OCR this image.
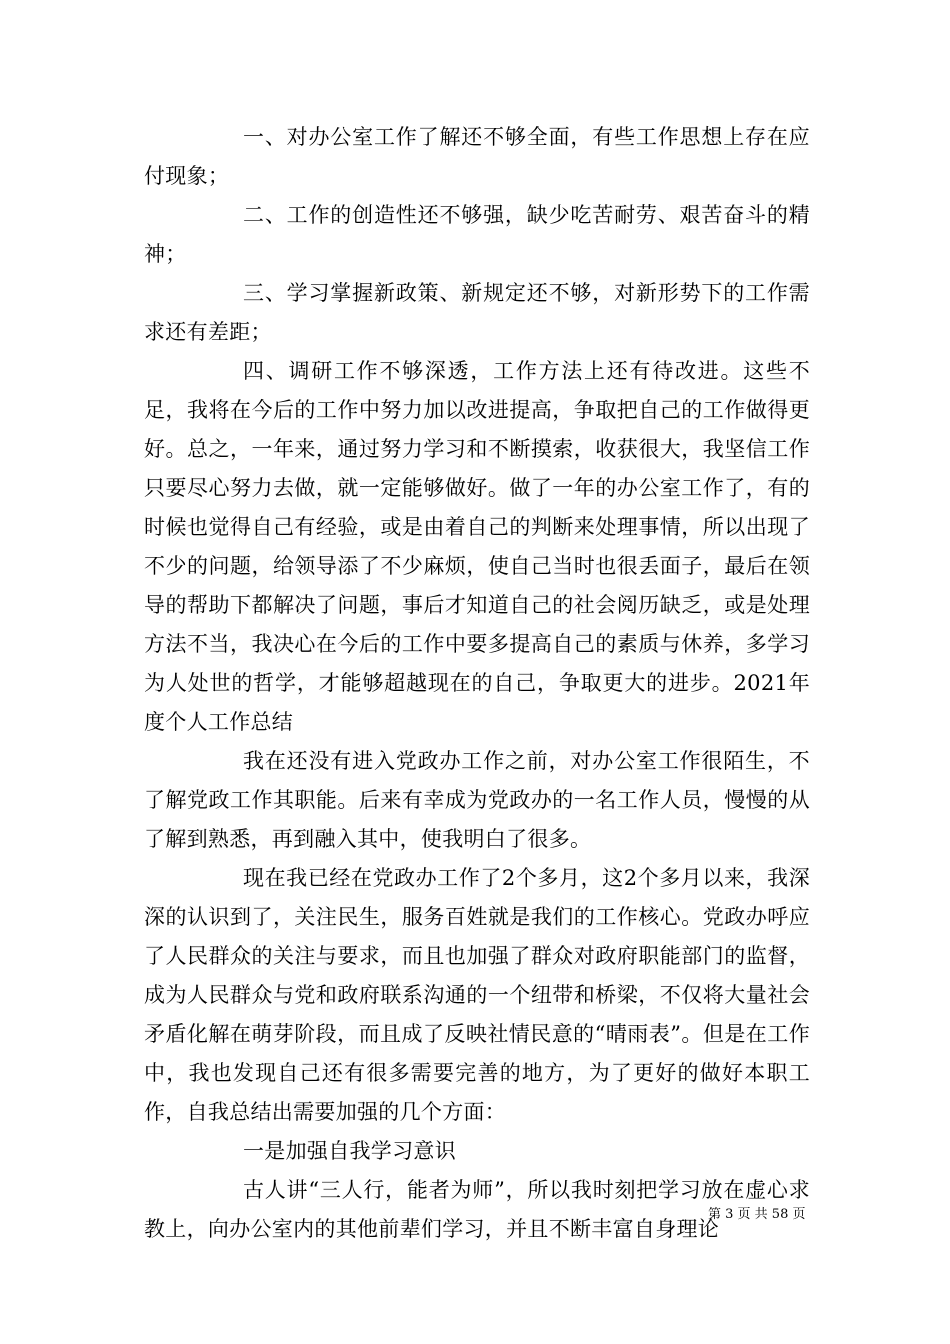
一、对办公室工作了解还不够全面，有些工作思想上存在应付现象；

二、工作的创造性还不够强，缺少吃苦耐劳、艰苦奋斗的精神；

三、学习掌握新政策、新规定还不够，对新形势下的工作需求还有差距；

四、调研工作不够深透，工作方法上还有待改进。这些不足，我将在今后的工作中努力加以改进提高，争取把自己的工作做得更好。总之，一年来，通过努力学习和不断摸索，收获很大，我坚信工作只要尽心努力去做，就一定能够做好。做了一年的办公室工作了，有的时候也觉得自己有经验，或是由着自己的判断来处理事情，所以出现了不少的问题，给领导添了不少麻烦，使自己当时也很丢面子，最后在领导的帮助下都解决了问题，事后才知道自己的社会阅历缺乏，或是处理方法不当，我决心在今后的工作中要多提高自己的素质与休养，多学习为人处世的哲学，才能够超越现在的自己，争取更大的进步。2021年度个人工作总结

我在还没有进入党政办工作之前，对办公室工作很陌生，不了解党政工作其职能。后来有幸成为党政办的一名工作人员，慢慢的从了解到熟悉，再到融入其中，使我明白了很多。

现在我已经在党政办工作了2个多月，这2个多月以来，我深深的认识到了，关注民生，服务百姓就是我们的工作核心。党政办呼应了人民群众的关注与要求，而且也加强了群众对政府职能部门的监督，成为人民群众与党和政府联系沟通的一个纽带和桥梁，不仅将大量社会矛盾化解在萌芽阶段，而且成了反映社情民意的“晴雨表”。但是在工作中，我也发现自己还有很多需要完善的地方，为了更好的做好本职工作，自我总结出需要加强的几个方面：

一是加强自我学习意识

古人讲“三人行，能者为师”，所以我时刻把学习放在虚心求教上，向办公室内的其他前辈们学习，并且不断丰富自身理论

第 3 页 共 58 页
